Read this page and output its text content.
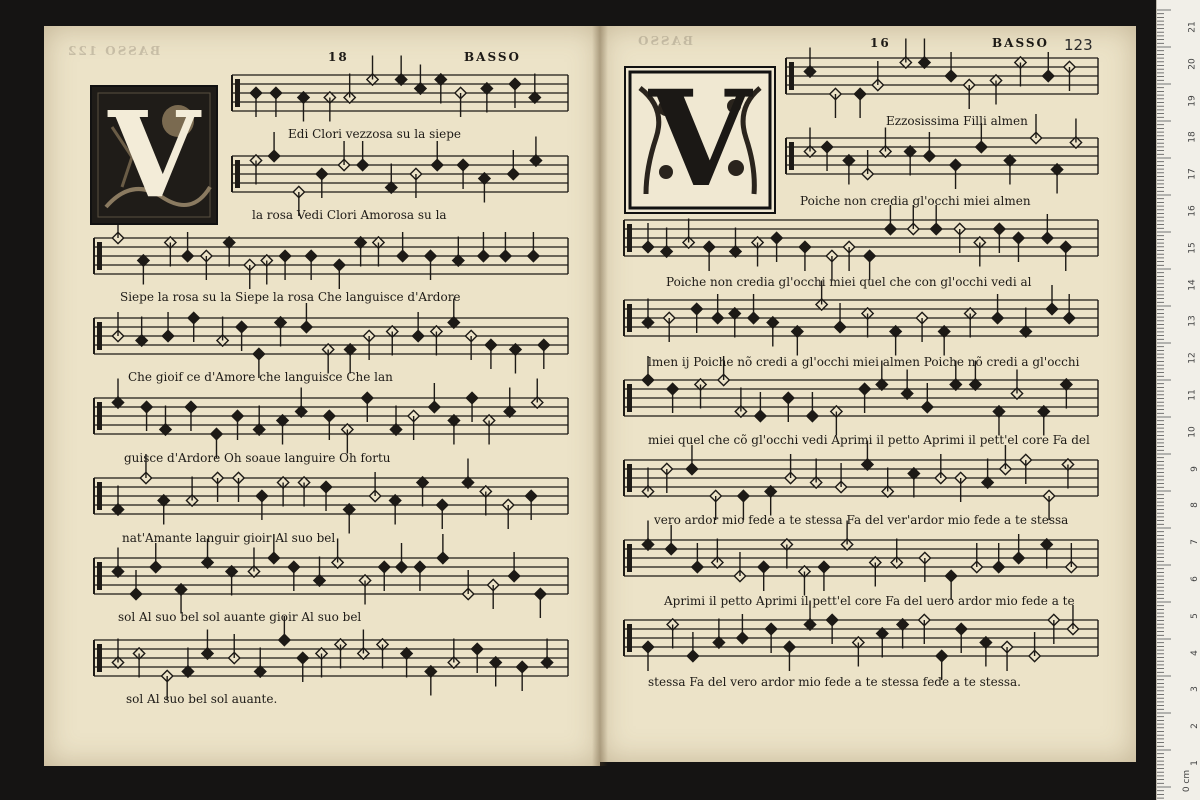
BASSO 122
BASSO
18	BASSO
16	BASSO 123
V	V
Edi Clori vezzosa su la siepe
la rosa Vedi Clori Amorosa su la
Siepe la rosa su la Siepe la rosa Che languisce d'Ardore
Che gioif ce d'Amore che languisce Che lan
guisce d'Ardore Oh soaue languire Oh fortu
nat'Amante languir gioir Al suo bel
sol Al suo bel sol auante gioir Al suo bel
sol Al suo bel sol auante.
Ezzosissima Filli almen
Poiche non credia gl'occhi miei almen
Poiche non credia gl'occhi miei quel che con gl'occhi vedi al
lmen ij Poiche nõ credi a gl'occhi miei almen Poiche nõ credi a gl'occhi
miei quel che cõ gl'occhi vedi Aprimi il petto Aprimi il pett'el core Fa del
vero ardor mio fede a te stessa Fa del ver'ardor mio fede a te stessa
Aprimi il petto Aprimi il pett'el core Fa del uero ardor mio fede a te
stessa Fa del vero ardor mio fede a te stessa fede a te stessa.
21
20
19
18
17
16
15
14
13
12
11
10
9
8
7
6
5
4
3
2
1
0 cm
